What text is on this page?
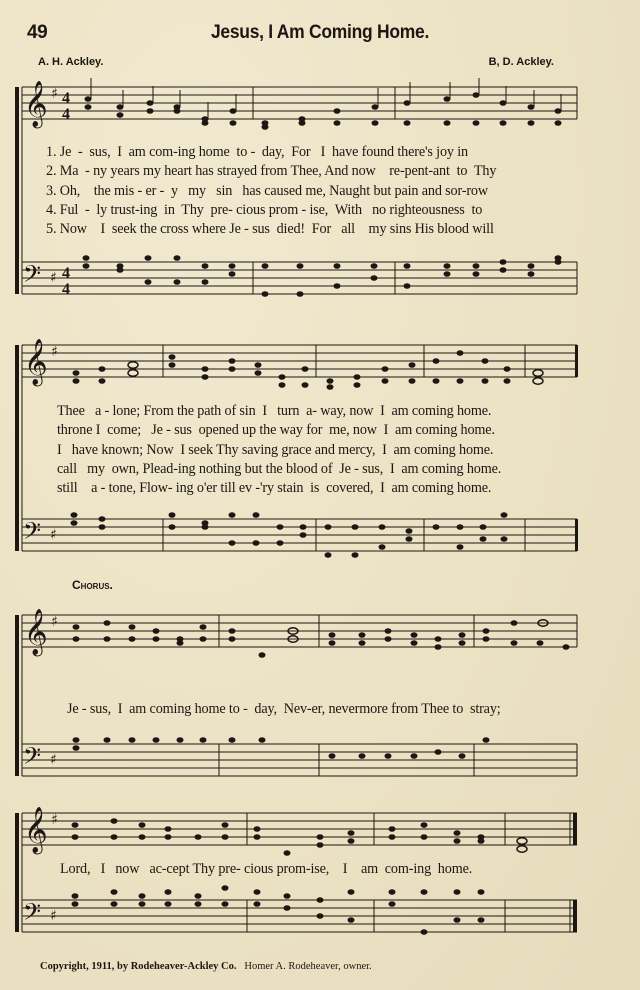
49	Jesus, I Am Coming Home.
A. H. Ackley.	B, D. Ackley.
𝄞 ♯ 4
4
𝄢 ♯ 4
4
𝄞 ♯
𝄢 ♯
𝄞 ♯
𝄢 ♯
𝄞 ♯
𝄢 ♯
1. Je  -  sus,  I  am com-ing home  to -  day,  For   I  have found there's joy in
2. Ma  - ny years my heart has strayed from Thee, And now    re-pent-ant  to  Thy
3. Oh,    the mis - er -  y   my   sin   has caused me, Naught but pain and sor-row
4. Ful  -  ly trust-ing  in  Thy  pre- cious prom - ise,  With   no righteousness  to
5. Now    I  seek the cross where Je - sus  died!  For   all    my sins His blood will
Thee   a - lone; From the path of sin  I   turn  a- way, now  I  am coming home.
throne I  come;   Je - sus  opened up the way for  me, now  I  am coming home.
I   have known; Now  I seek Thy saving grace and mercy,  I  am coming home.
call   my  own, Plead-ing nothing but the blood of  Je - sus,  I  am coming home.
still    a - tone, Flow- ing o'er till ev -'ry stain  is  covered,  I  am coming home.
Chorus.
Je - sus,  I  am coming home to -  day,  Nev-er, nevermore from Thee to  stray;
Lord,   I   now   ac-cept Thy pre- cious prom-ise,    I    am  com-ing  home.
Copyright, 1911, by Rodeheaver-Ackley Co. Homer A. Rodeheaver, owner.
